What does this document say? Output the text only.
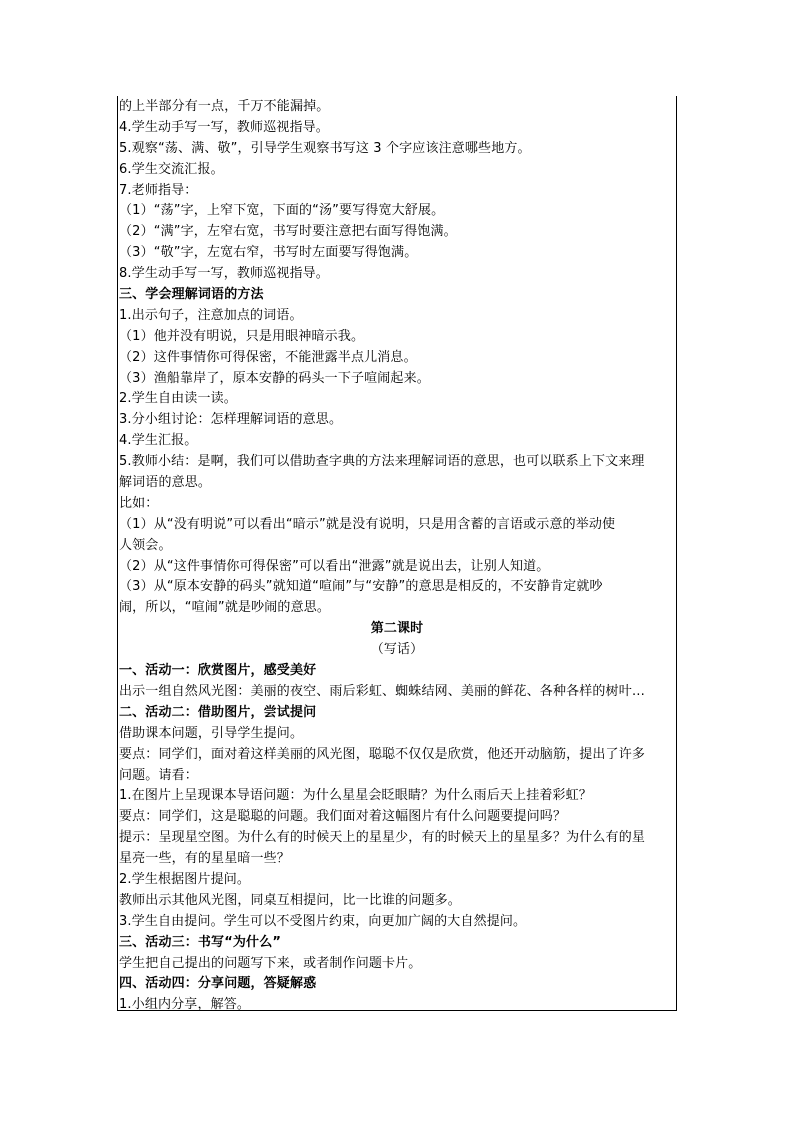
的上半部分有一点，千万不能漏掉。
4.学生动手写一写，教师巡视指导。
5.观察“荡、满、敬”，引导学生观察书写这 3 个字应该注意哪些地方。
6.学生交流汇报。
7.老师指导：
（1）“荡”字，上窄下宽，下面的“汤”要写得宽大舒展。
（2）“满”字，左窄右宽，书写时要注意把右面写得饱满。
（3）“敬”字，左宽右窄，书写时左面要写得饱满。
8.学生动手写一写，教师巡视指导。
三、学会理解词语的方法
1.出示句子，注意加点的词语。
（1）他并没有明说，只是用眼神暗示我。
（2）这件事情你可得保密，不能泄露半点儿消息。
（3）渔船靠岸了，原本安静的码头一下子喧闹起来。
2.学生自由读一读。
3.分小组讨论：怎样理解词语的意思。
4.学生汇报。
5.教师小结：是啊，我们可以借助查字典的方法来理解词语的意思，也可以联系上下文来理
解词语的意思。
比如：
（1）从“没有明说”可以看出“暗示”就是没有说明，只是用含蓄的言语或示意的举动使
人领会。
（2）从“这件事情你可得保密”可以看出“泄露”就是说出去，让别人知道。
（3）从“原本安静的码头”就知道“喧闹”与“安静”的意思是相反的，不安静肯定就吵
闹，所以，“喧闹”就是吵闹的意思。
第二课时
（写话）
一、活动一：欣赏图片，感受美好
出示一组自然风光图：美丽的夜空、雨后彩虹、蜘蛛结网、美丽的鲜花、各种各样的树叶…
二、活动二：借助图片，尝试提问
借助课本问题，引导学生提问。
要点：同学们，面对着这样美丽的风光图，聪聪不仅仅是欣赏，他还开动脑筋，提出了许多
问题。请看：
1.在图片上呈现课本导语问题：为什么星星会眨眼睛？为什么雨后天上挂着彩虹？
要点：同学们，这是聪聪的问题。我们面对着这幅图片有什么问题要提问吗？
提示：呈现星空图。为什么有的时候天上的星星少，有的时候天上的星星多？为什么有的星
星亮一些，有的星星暗一些？
2.学生根据图片提问。
教师出示其他风光图，同桌互相提问，比一比谁的问题多。
3.学生自由提问。学生可以不受图片约束，向更加广阔的大自然提问。
三、活动三：书写“为什么”
学生把自己提出的问题写下来，或者制作问题卡片。
四、活动四：分享问题，答疑解惑
1.小组内分享，解答。
